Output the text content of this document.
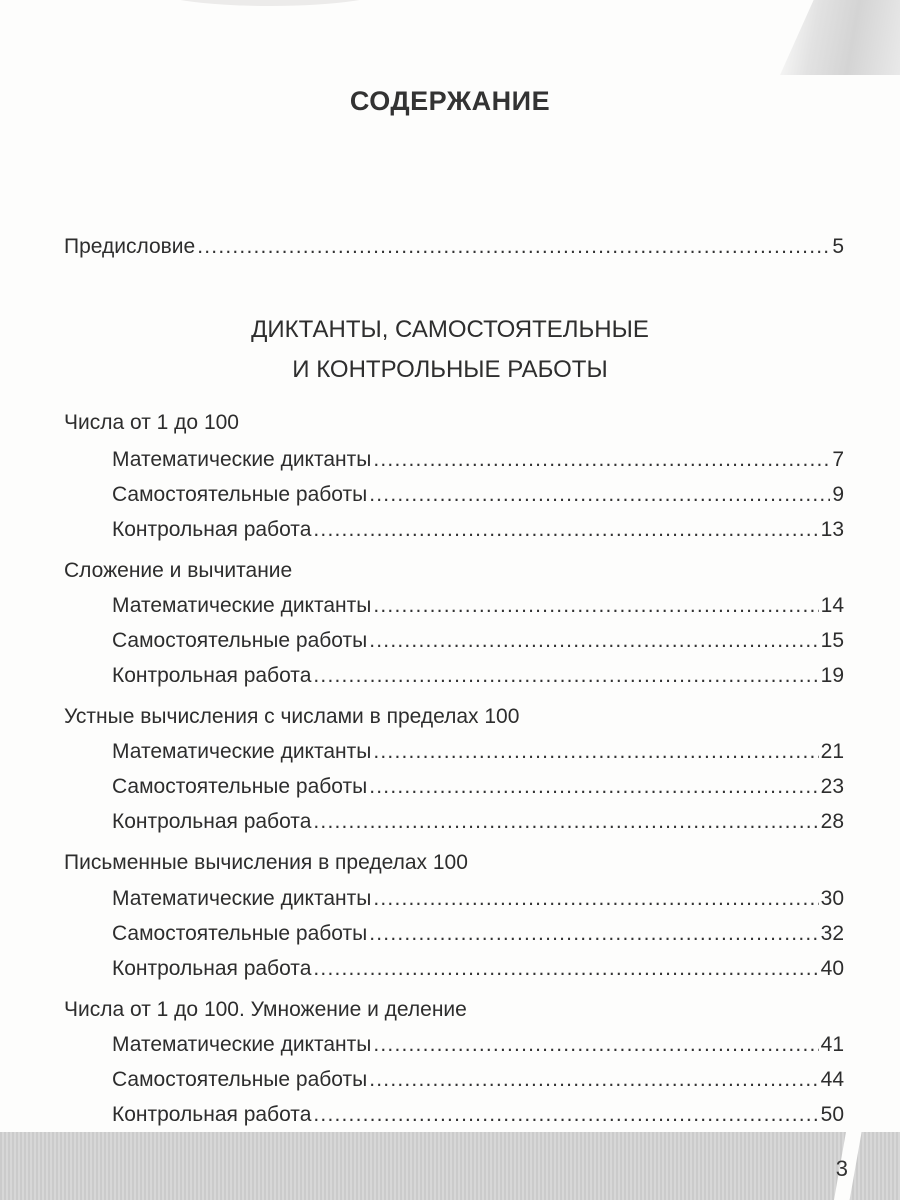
СОДЕРЖАНИЕ
Предисловие .....	5
ДИКТАНТЫ, САМОСТОЯТЕЛЬНЫЕ
И КОНТРОЛЬНЫЕ РАБОТЫ
Числа от 1 до 100
Математические диктанты .....	7
Самостоятельные работы .....	9
Контрольная работа .....	13
Сложение и вычитание
Математические диктанты .....	14
Самостоятельные работы .....	15
Контрольная работа .....	19
Устные вычисления с числами в пределах 100
Математические диктанты .....	21
Самостоятельные работы .....	23
Контрольная работа .....	28
Письменные вычисления в пределах 100
Математические диктанты .....	30
Самостоятельные работы .....	32
Контрольная работа .....	40
Числа от 1 до 100. Умножение и деление
Математические диктанты .....	41
Самостоятельные работы .....	44
Контрольная работа .....	50
3
